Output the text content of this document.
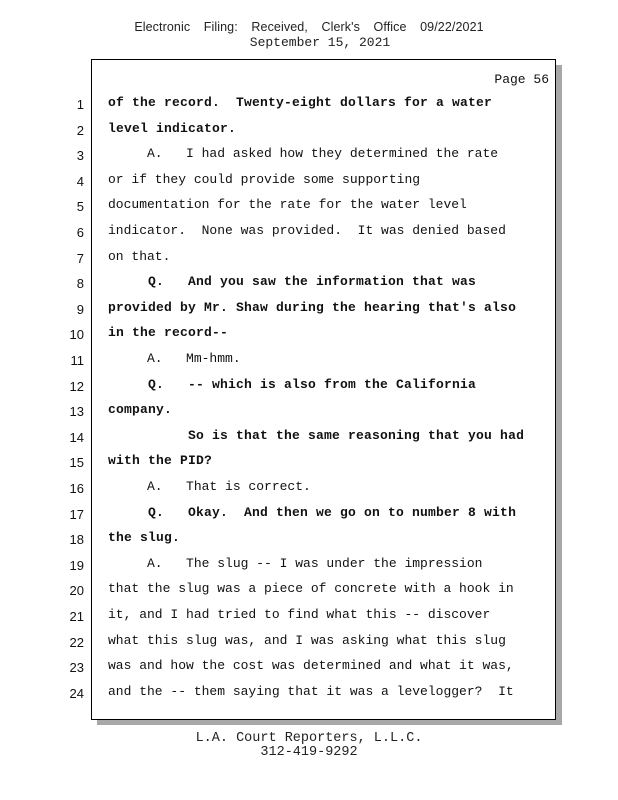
Electronic Filing: Received, Clerk's Office 09/22/2021
September 15, 2021
Page 56
1 of the record.  Twenty-eight dollars for a water
2 level indicator.
3 A.   I had asked how they determined the rate
4 or if they could provide some supporting
5 documentation for the rate for the water level
6 indicator.  None was provided.  It was denied based
7 on that.
8 Q.   And you saw the information that was
9 provided by Mr. Shaw during the hearing that's also
10 in the record--
11 A.   Mm-hmm.
12 Q.   -- which is also from the California
13 company.
14 So is that the same reasoning that you had
15 with the PID?
16 A.   That is correct.
17 Q.   Okay.  And then we go on to number 8 with
18 the slug.
19 A.   The slug -- I was under the impression
20 that the slug was a piece of concrete with a hook in
21 it, and I had tried to find what this -- discover
22 what this slug was, and I was asking what this slug
23 was and how the cost was determined and what it was,
24 and the -- them saying that it was a levelogger?  It
L.A. Court Reporters, L.L.C.
312-419-9292
